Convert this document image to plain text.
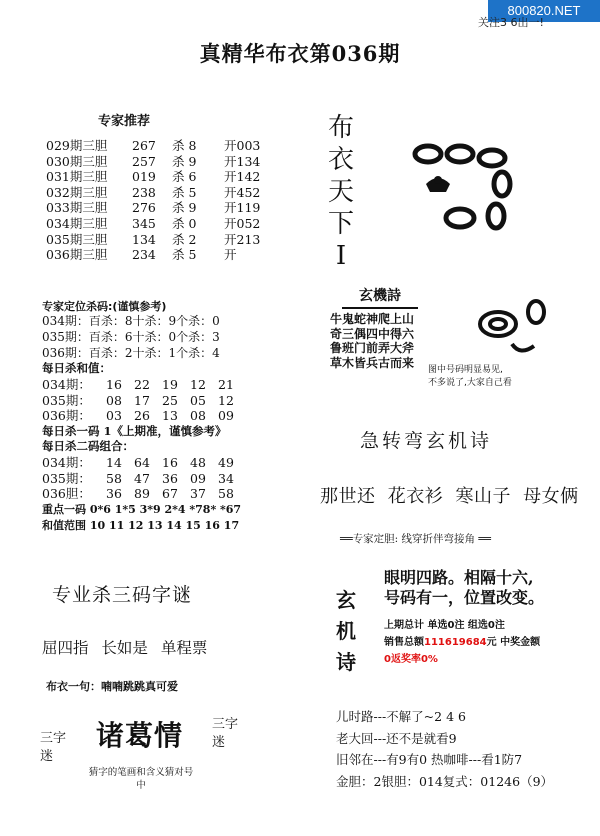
800820.NET
关注3 6出一!
真精华布衣第036期
专家推荐
029期三胆	267	杀 8	开003
030期三胆	257	杀 9	开134
031期三胆	019	杀 6	开142
032期三胆	238	杀 5	开452
033期三胆	276	杀 9	开119
034期三胆	345	杀 0	开052
035期三胆	134	杀 2	开213
036期三胆	234	杀 5	开
专家定位杀码:(谨慎参考)
034期：百杀：8十杀：9个杀：0
035期：百杀：6十杀：0个杀：3
036期：百杀：2十杀：1个杀：4
每日杀和值：
034期： 16 22 19 12 21
035期： 08 17 25 05 12
036期： 03 26 13 08 09
每日杀一码 1《上期准，谨慎参考》
每日杀二码组合：
034期： 14 64 16 48 49
035期： 58 47 36 09 34
036胆： 36 89 67 37 58
重点一码 0*6 1*5 3*9 2*4 *78* *67
和值范围 10 11 12 13 14 15 16 17
布
衣
天
下
I
玄機詩
牛鬼蛇神爬上山
奇三偶四中得六
鲁班门前弄大斧
草木皆兵古而来
图中号码明显易见,
不多说了,大家自己看
急转弯玄机诗
那世还 花衣衫 寒山子 母女俩
══专家定胆: 线穿折伴弯接角 ══
玄
机
诗
眼明四路。相隔十六,
号码有一，位置改变。
上期总计 单选0注 组选0注
销售总额111619684元 中奖金额
0返奖率0%
儿时路---不解了~2 4 6
老大回---还不是就看9
旧邻在---有9有0 热咖啡---看1防7
金胆：2银胆：014复式：01246（9）
专业杀三码字谜
屈四指 长如是 单程票
布衣一句：喃喃跳跳真可爱
诸葛情
猜字的笔画和含义猜对号中
三字
迷
三字
迷
